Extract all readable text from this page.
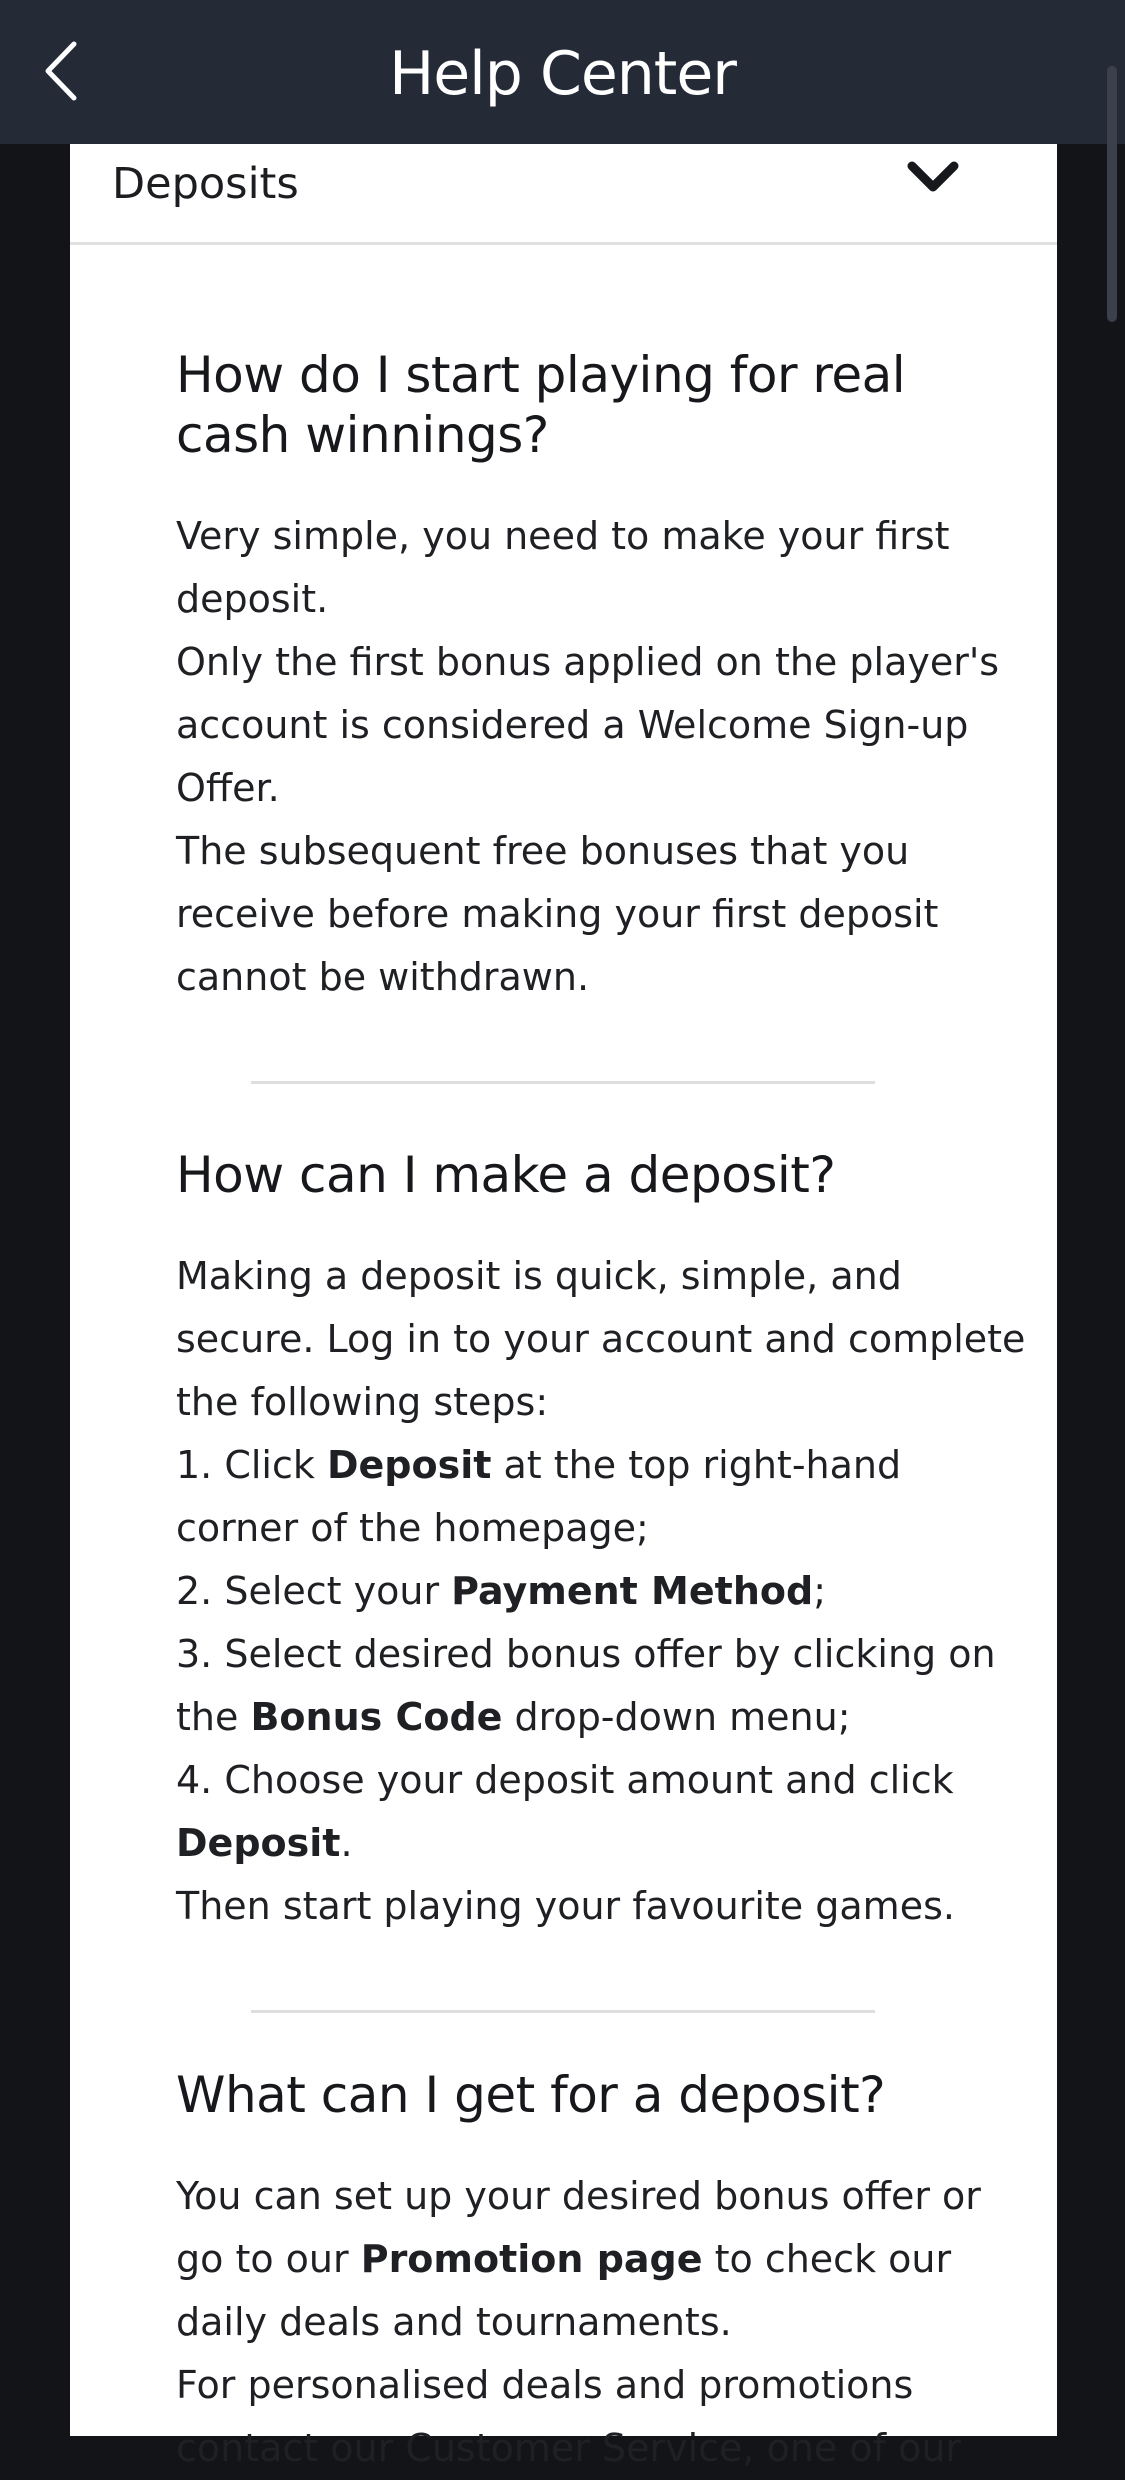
Help Center
Deposits
How do I start playing for real cash winnings?

Very simple, you need to make your first deposit.

Only the first bonus applied on the player's account is considered a Welcome Sign-up Offer.

The subsequent free bonuses that you receive before making your first deposit cannot be withdrawn.

How can I make a deposit?

Making a deposit is quick, simple, and secure. Log in to your account and complete the following steps:

1. Click Deposit at the top right-hand corner of the homepage;

2. Select your Payment Method;

3. Select desired bonus offer by clicking on the Bonus Code drop-down menu;

4. Choose your deposit amount and click Deposit.

Then start playing your favourite games.

What can I get for a deposit?

You can set up your desired bonus offer or go to our Promotion page to check our daily deals and tournaments.

For personalised deals and promotions contact our Customer Service, one of our
